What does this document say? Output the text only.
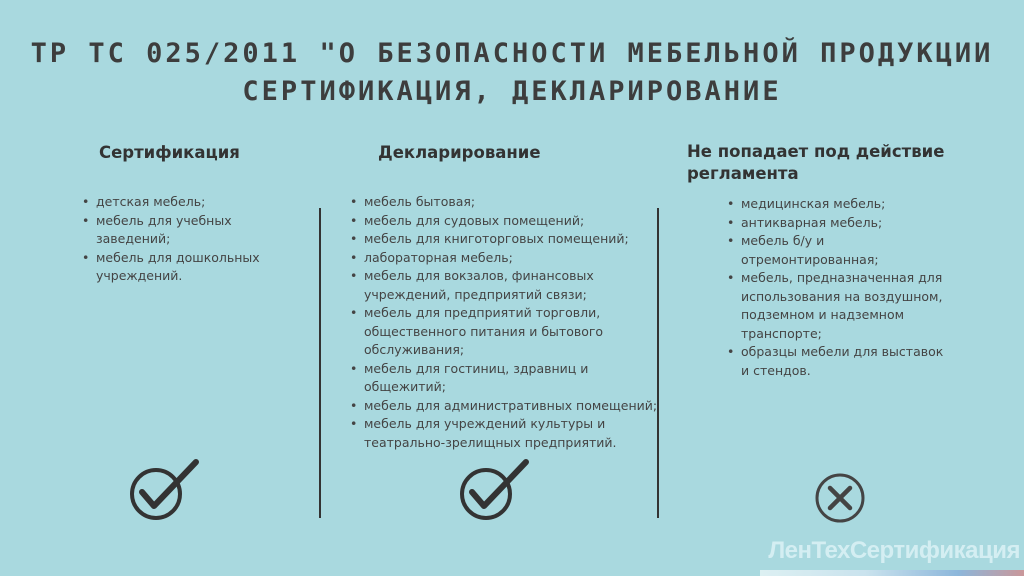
ТР ТС 025/2011 "О БЕЗОПАСНОСТИ МЕБЕЛЬНОЙ ПРОДУКЦИИ
СЕРТИФИКАЦИЯ, ДЕКЛАРИРОВАНИЕ
Сертификация
• детская мебель;
• мебель для учебных заведений;
• мебель для дошкольных учреждений.
Декларирование
• мебель бытовая;
• мебель для судовых помещений;
• мебель для книготорговых помещений;
• лабораторная мебель;
• мебель для вокзалов, финансовых учреждений, предприятий связи;
• мебель для предприятий торговли, общественного питания и бытового обслуживания;
• мебель для гостиниц, здравниц и общежитий;
• мебель для административных помещений;
• мебель для учреждений культуры и театрально-зрелищных предприятий.
Не попадает под действие регламента
• медицинская мебель;
• антикварная мебель;
• мебель б/у и отремонтированная;
• мебель, предназначенная для использования на воздушном, подземном и надземном транспорте;
• образцы мебели для выставок и стендов.
ЛенТехСертификация
